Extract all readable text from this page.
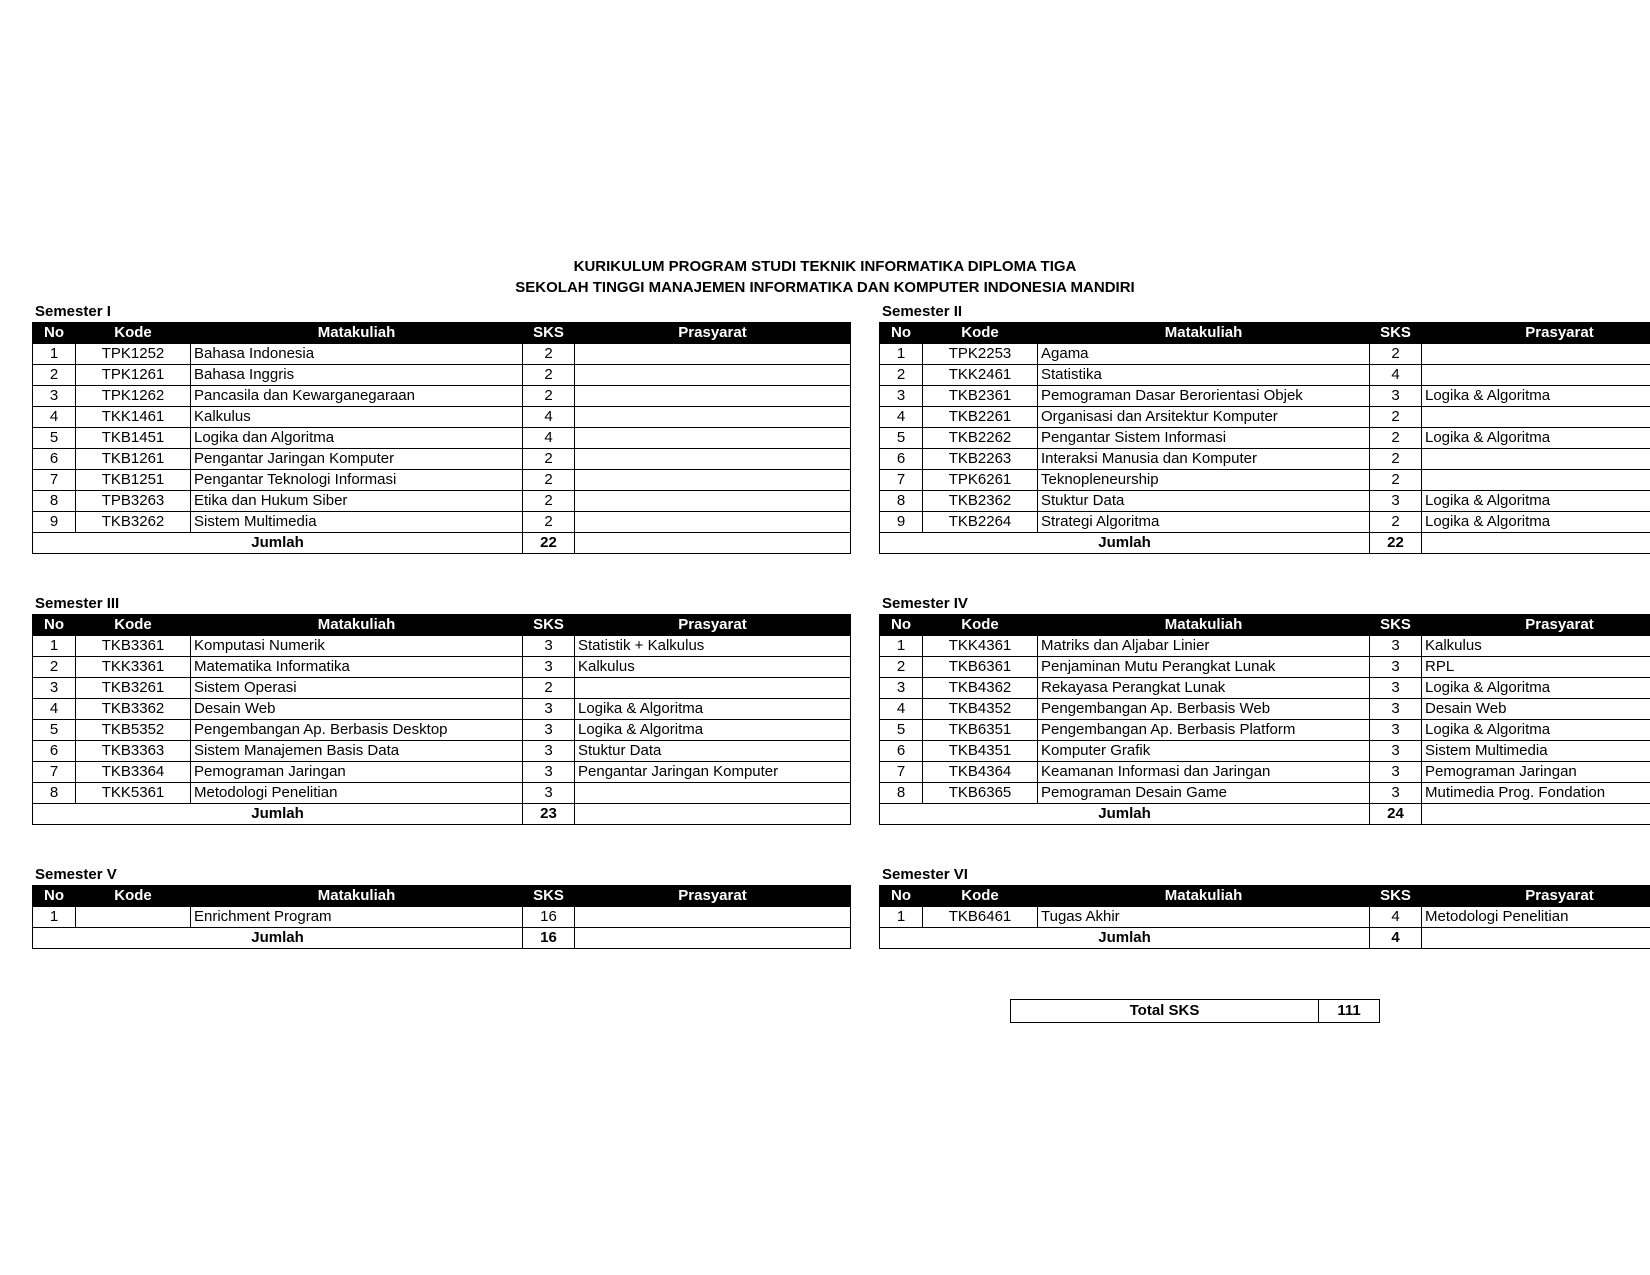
KURIKULUM PROGRAM STUDI TEKNIK INFORMATIKA DIPLOMA TIGA
SEKOLAH TINGGI MANAJEMEN INFORMATIKA DAN KOMPUTER INDONESIA MANDIRI
Semester I
No	Kode	Matakuliah	SKS	Prasyarat
1	TPK1252	Bahasa Indonesia	2	
2	TPK1261	Bahasa Inggris	2	
3	TPK1262	Pancasila dan Kewarganegaraan	2	
4	TKK1461	Kalkulus	4	
5	TKB1451	Logika dan Algoritma	4	
6	TKB1261	Pengantar Jaringan Komputer	2	
7	TKB1251	Pengantar Teknologi Informasi	2	
8	TPB3263	Etika dan Hukum Siber	2	
9	TKB3262	Sistem Multimedia	2	
Jumlah			22	
Semester II
No	Kode	Matakuliah	SKS	Prasyarat
1	TPK2253	Agama	2	
2	TKK2461	Statistika	4	
3	TKB2361	Pemograman Dasar Berorientasi Objek	3	Logika & Algoritma
4	TKB2261	Organisasi dan Arsitektur Komputer	2	
5	TKB2262	Pengantar Sistem Informasi	2	Logika & Algoritma
6	TKB2263	Interaksi Manusia dan Komputer	2	
7	TPK6261	Teknopleneurship	2	
8	TKB2362	Stuktur Data	3	Logika & Algoritma
9	TKB2264	Strategi Algoritma	2	Logika & Algoritma
Jumlah			22	
Semester III
No	Kode	Matakuliah	SKS	Prasyarat
1	TKB3361	Komputasi Numerik	3	Statistik + Kalkulus
2	TKK3361	Matematika Informatika	3	Kalkulus
3	TKB3261	Sistem Operasi	2	
4	TKB3362	Desain Web	3	Logika & Algoritma
5	TKB5352	Pengembangan Ap. Berbasis Desktop	3	Logika & Algoritma
6	TKB3363	Sistem Manajemen Basis Data	3	Stuktur Data
7	TKB3364	Pemograman Jaringan	3	Pengantar Jaringan Komputer
8	TKK5361	Metodologi Penelitian	3	
Jumlah			23	
Semester IV
No	Kode	Matakuliah	SKS	Prasyarat
1	TKK4361	Matriks dan Aljabar Linier	3	Kalkulus
2	TKB6361	Penjaminan Mutu Perangkat Lunak	3	RPL
3	TKB4362	Rekayasa Perangkat Lunak	3	Logika & Algoritma
4	TKB4352	Pengembangan Ap. Berbasis Web	3	Desain Web
5	TKB6351	Pengembangan Ap. Berbasis Platform	3	Logika & Algoritma
6	TKB4351	Komputer Grafik	3	Sistem Multimedia
7	TKB4364	Keamanan Informasi dan Jaringan	3	Pemograman Jaringan
8	TKB6365	Pemograman Desain Game	3	Mutimedia Prog. Fondation
Jumlah			24	
Semester V
No	Kode	Matakuliah	SKS	Prasyarat
1		Enrichment Program	16	
Jumlah			16	
Semester VI
No	Kode	Matakuliah	SKS	Prasyarat
1	TKB6461	Tugas Akhir	4	Metodologi Penelitian
Jumlah			4	
Total SKS	111
